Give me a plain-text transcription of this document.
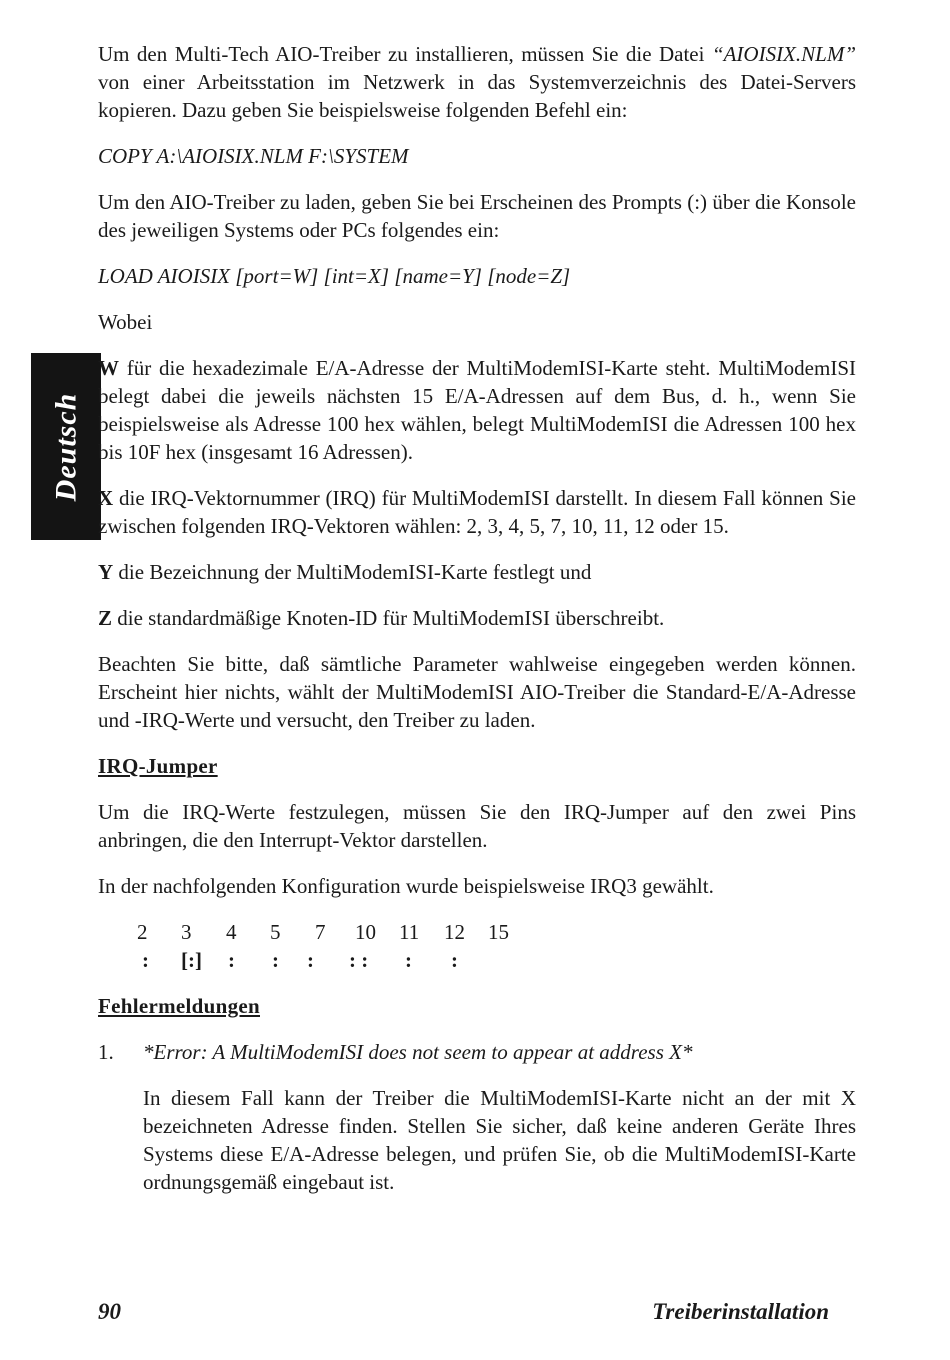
Deutsch

Um den Multi-Tech AIO-Treiber zu installieren, müssen Sie die Datei “AIOISIX.NLM” von einer Arbeitsstation im Netzwerk in das Systemverzeichnis des Datei-Servers kopieren. Dazu geben Sie beispielsweise folgenden Befehl ein:

COPY A:\AIOISIX.NLM F:\SYSTEM

Um den AIO-Treiber zu laden, geben Sie bei Erscheinen des Prompts (:) über die Konsole des jeweiligen Systems oder PCs folgendes ein:

LOAD AIOISIX [port=W] [int=X] [name=Y] [node=Z]

Wobei

W für die hexadezimale E/A-Adresse der MultiModemISI-Karte steht. MultiModemISI belegt dabei die jeweils nächsten 15 E/A-Adressen auf dem Bus, d. h., wenn Sie beispielsweise als Adresse 100 hex wählen, belegt MultiModemISI die Adressen 100 hex bis 10F hex (insgesamt 16 Adressen).

X die IRQ-Vektornummer (IRQ) für MultiModemISI darstellt. In diesem Fall können Sie zwischen folgenden IRQ-Vektoren wählen: 2, 3, 4, 5, 7, 10, 11, 12 oder 15.

Y die Bezeichnung der MultiModemISI-Karte festlegt und

Z die standardmäßige Knoten-ID für MultiModemISI überschreibt.

Beachten Sie bitte, daß sämtliche Parameter wahlweise eingegeben werden können. Erscheint hier nichts, wählt der MultiModemISI AIO-Treiber die Standard-E/A-Adresse und -IRQ-Werte und versucht, den Treiber zu laden.

IRQ-Jumper

Um die IRQ-Werte festzulegen, müssen Sie den IRQ-Jumper auf den zwei Pins anbringen, die den Interrupt-Vektor darstellen.

In der nachfolgenden Konfiguration wurde beispielsweise IRQ3 gewählt.

2 3 4 5 7 10 11 12 15
: [:] : : : : : : :
Fehlermeldungen
1.	*Error: A MultiModemISI does not seem to appear at address X*

In diesem Fall kann der Treiber die MultiModemISI-Karte nicht an der mit X bezeichneten Adresse finden. Stellen Sie sicher, daß keine anderen Geräte Ihres Systems diese E/A-Adresse belegen, und prüfen Sie, ob die MultiModemISI-Karte ordnungsgemäß eingebaut ist.

90	Treiberinstallation
